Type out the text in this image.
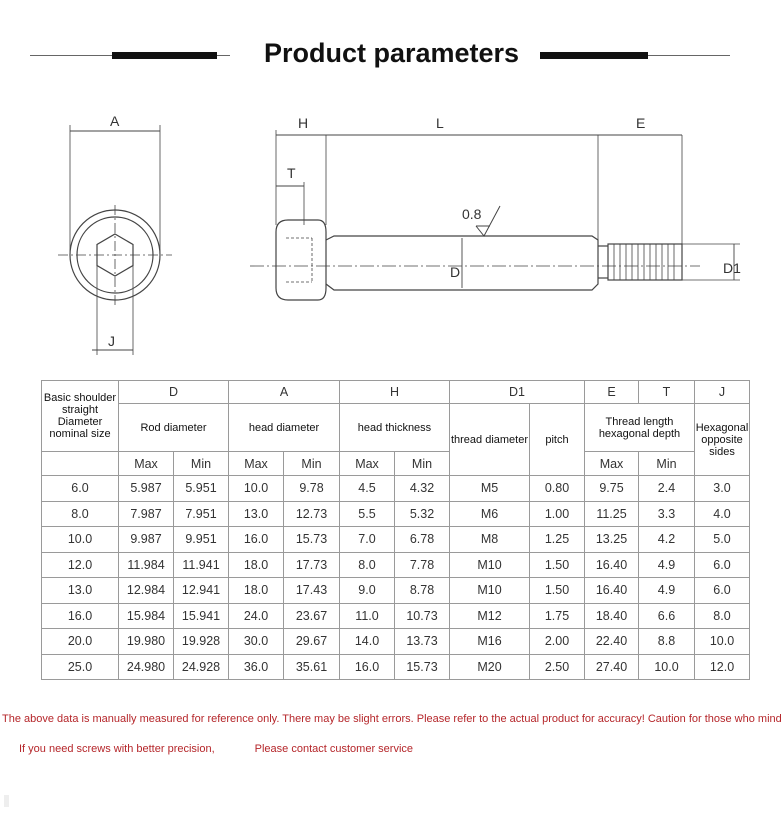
Product parameters
A	H	L	E
T
J
D	D1
0.8
Basic shoulder straight Diameter nominal size	D		A		H		D1		E	T	J
	Rod diameter		head diameter		head thickness		thread diameter	pitch	Thread length hexagonal depth		Hexagonal opposite sides
	Max	Min	Max	Min	Max	Min			Max	Min	
6.0	5.987	5.951	10.0	9.78	4.5	4.32	M5	0.80	9.75	2.4	3.0
8.0	7.987	7.951	13.0	12.73	5.5	5.32	M6	1.00	11.25	3.3	4.0
10.0	9.987	9.951	16.0	15.73	7.0	6.78	M8	1.25	13.25	4.2	5.0
12.0	11.984	11.941	18.0	17.73	8.0	7.78	M10	1.50	16.40	4.9	6.0
13.0	12.984	12.941	18.0	17.43	9.0	8.78	M10	1.50	16.40	4.9	6.0
16.0	15.984	15.941	24.0	23.67	11.0	10.73	M12	1.75	18.40	6.6	8.0
20.0	19.980	19.928	30.0	29.67	14.0	13.73	M16	2.00	22.40	8.8	10.0
25.0	24.980	24.928	36.0	35.61	16.0	15.73	M20	2.50	27.40	10.0	12.0
The above data is manually measured for reference only. There may be slight errors. Please refer to the actual product for accuracy! Caution for those who mind
If you need screws with better precision,	Please contact customer service
